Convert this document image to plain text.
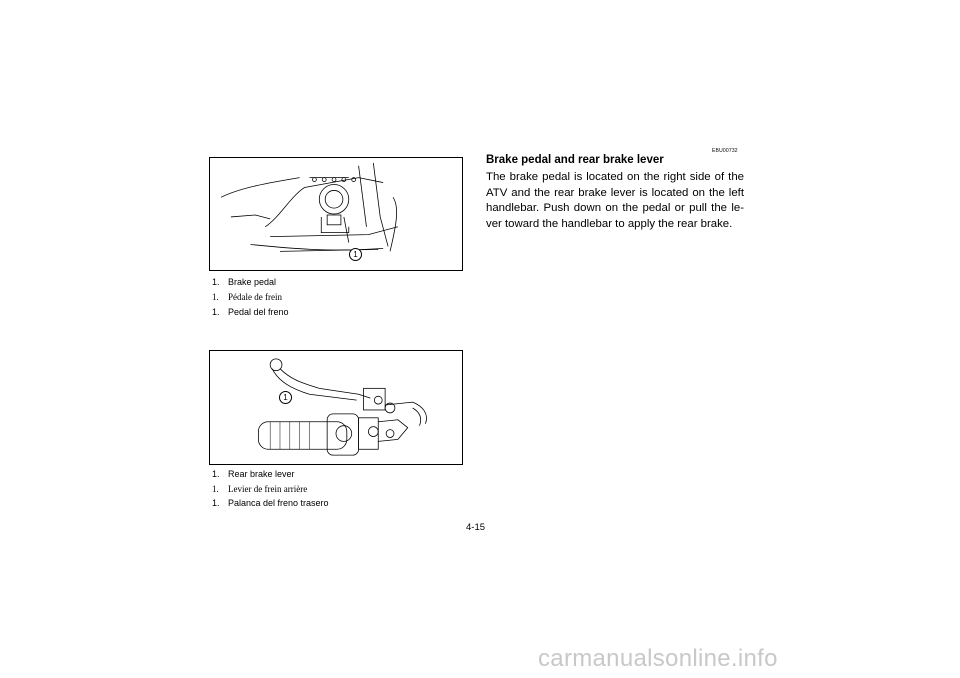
1
1. Brake pedal
1. Pédale de frein
1. Pedal del freno
1
1. Rear brake lever
1. Levier de frein arrière
1. Palanca del freno trasero
EBU00732
Brake pedal and rear brake lever
The brake pedal is located on the right side of the ATV and the rear brake lever is located on the left handlebar. Push down on the pedal or pull the le-ver toward the handlebar to apply the rear brake.
4-15
carmanualsonline.info
